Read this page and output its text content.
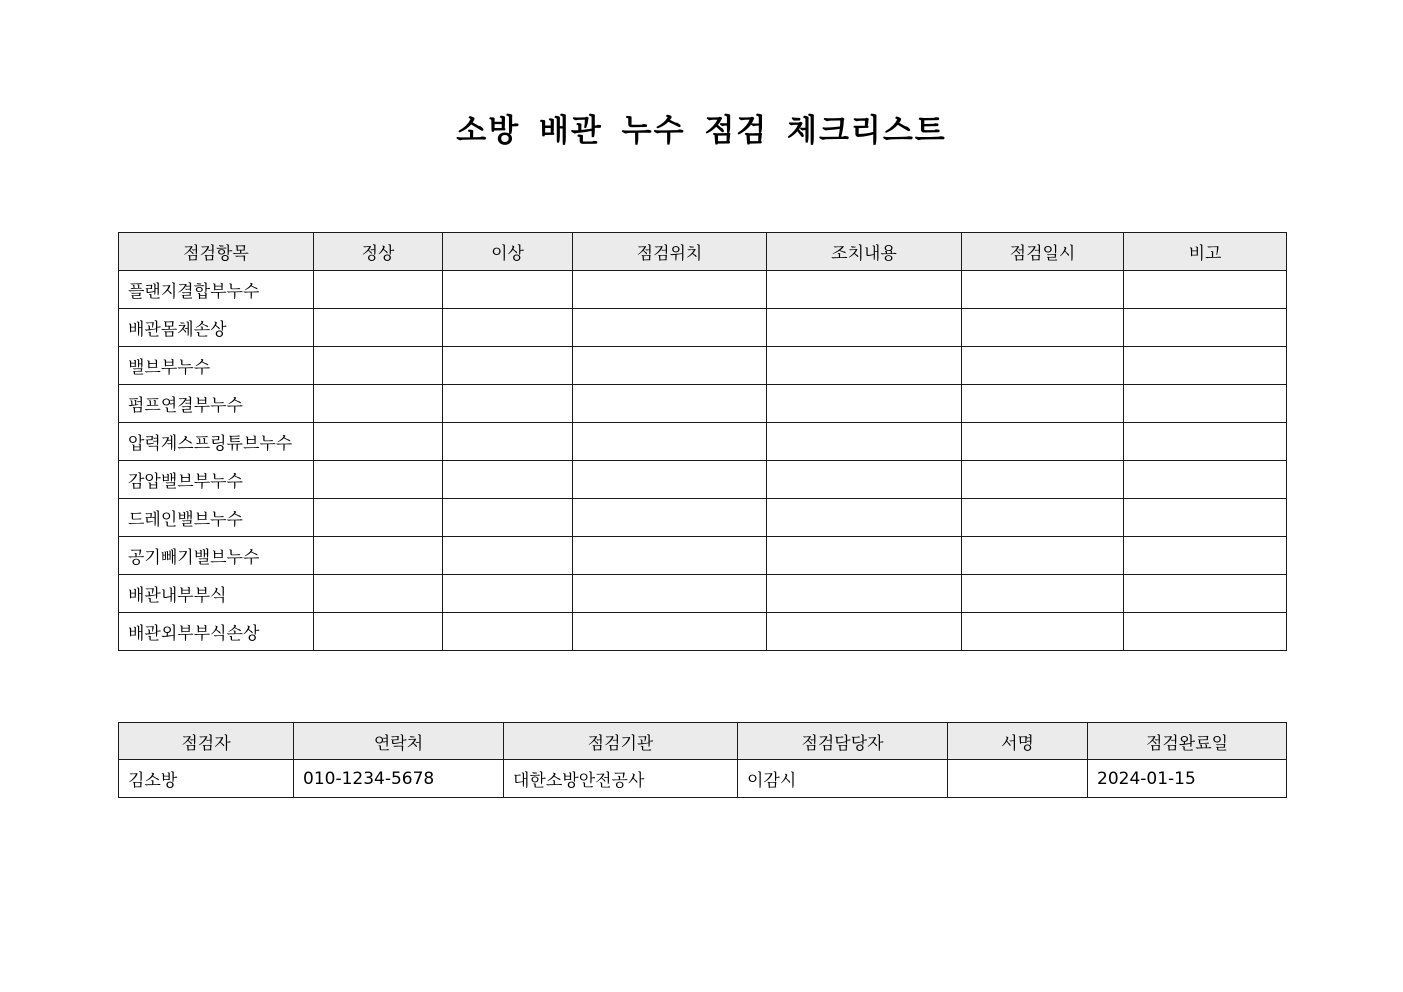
소방 배관 누수 점검 체크리스트
점검항목	정상	이상	점검위치	조치내용	점검일시	비고
플랜지결합부누수						
배관몸체손상						
밸브부누수						
펌프연결부누수						
압력계스프링튜브누수						
감압밸브부누수						
드레인밸브누수						
공기빼기밸브누수						
배관내부부식						
배관외부부식손상						
점검자	연락처	점검기관	점검담당자	서명	점검완료일
김소방	010-1234-5678	대한소방안전공사	이감시		2024-01-15
